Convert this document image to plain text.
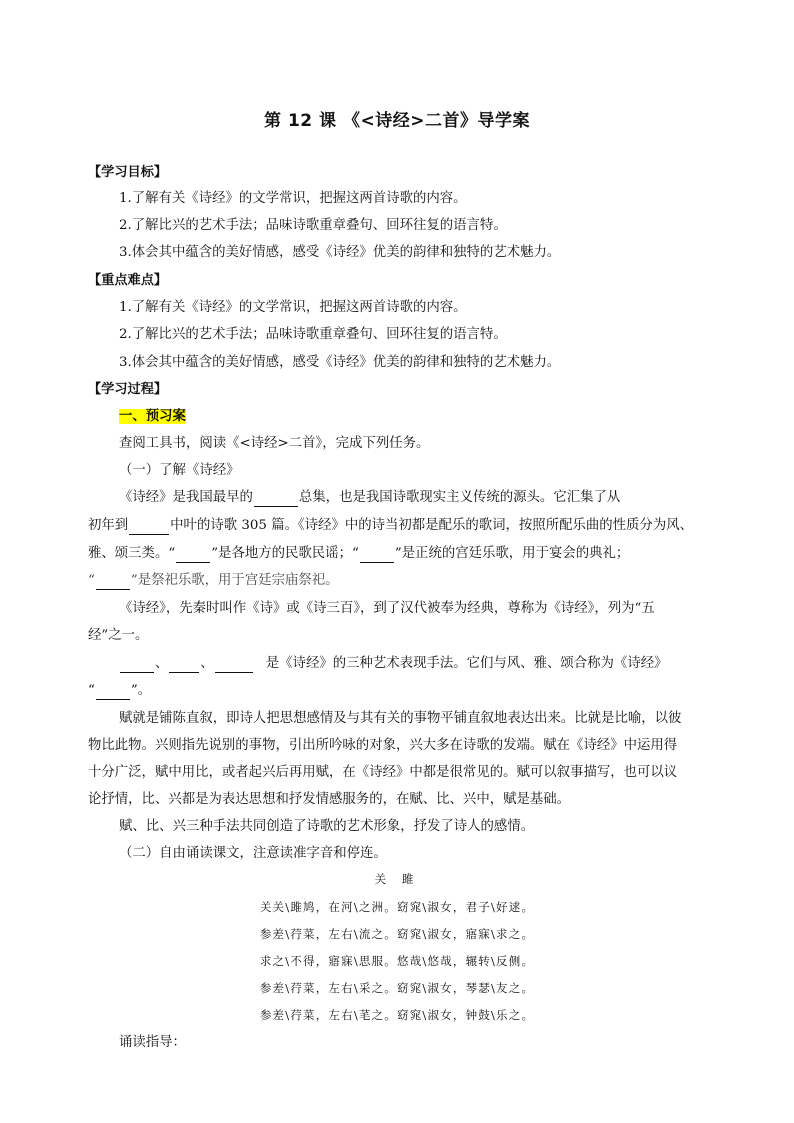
第 12 课 《<诗经>二首》导学案
【学习目标】
1.了解有关《诗经》的文学常识，把握这两首诗歌的内容。
2.了解比兴的艺术手法；品味诗歌重章叠句、回环往复的语言特。
3.体会其中蕴含的美好情感，感受《诗经》优美的韵律和独特的艺术魅力。
【重点难点】
1.了解有关《诗经》的文学常识，把握这两首诗歌的内容。
2.了解比兴的艺术手法；品味诗歌重章叠句、回环往复的语言特。
3.体会其中蕴含的美好情感，感受《诗经》优美的韵律和独特的艺术魅力。
【学习过程】
一、预习案
查阅工具书，阅读《<诗经>二首》，完成下列任务。
（一）了解《诗经》
《诗经》是我国最早的	总集，也是我国诗歌现实主义传统的源头。它汇集了从
初年到	中叶的诗歌 305 篇。《诗经》中的诗当初都是配乐的歌词，按照所配乐曲的性质分为风、
雅、颂三类。“	”是各地方的民歌民谣；“	”是正统的宫廷乐歌，用于宴会的典礼；
“	”是祭祀乐歌，用于宫廷宗庙祭祀。
《诗经》，先秦时叫作《诗》或《诗三百》，到了汉代被奉为经典，尊称为《诗经》，列为“五
经”之一。
、 、	是《诗经》的三种艺术表现手法。它们与风、雅、颂合称为《诗经》
“	”。
赋就是铺陈直叙，即诗人把思想感情及与其有关的事物平铺直叙地表达出来。比就是比喻，以彼
物比此物。兴则指先说别的事物，引出所吟咏的对象，兴大多在诗歌的发端。赋在《诗经》中运用得
十分广泛，赋中用比，或者起兴后再用赋，在《诗经》中都是很常见的。赋可以叙事描写，也可以议
论抒情，比、兴都是为表达思想和抒发情感服务的，在赋、比、兴中，赋是基础。
赋、比、兴三种手法共同创造了诗歌的艺术形象，抒发了诗人的感情。
（二）自由诵读课文，注意读准字音和停连。
关 雎
关关\雎鸠，在河\之洲。窈窕\淑女，君子\好逑。
参差\荇菜，左右\流之。窈窕\淑女，寤寐\求之。
求之\不得，寤寐\思服。悠哉\悠哉，辗转\反侧。
参差\荇菜，左右\采之。窈窕\淑女，琴瑟\友之。
参差\荇菜，左右\芼之。窈窕\淑女，钟鼓\乐之。
诵读指导：
